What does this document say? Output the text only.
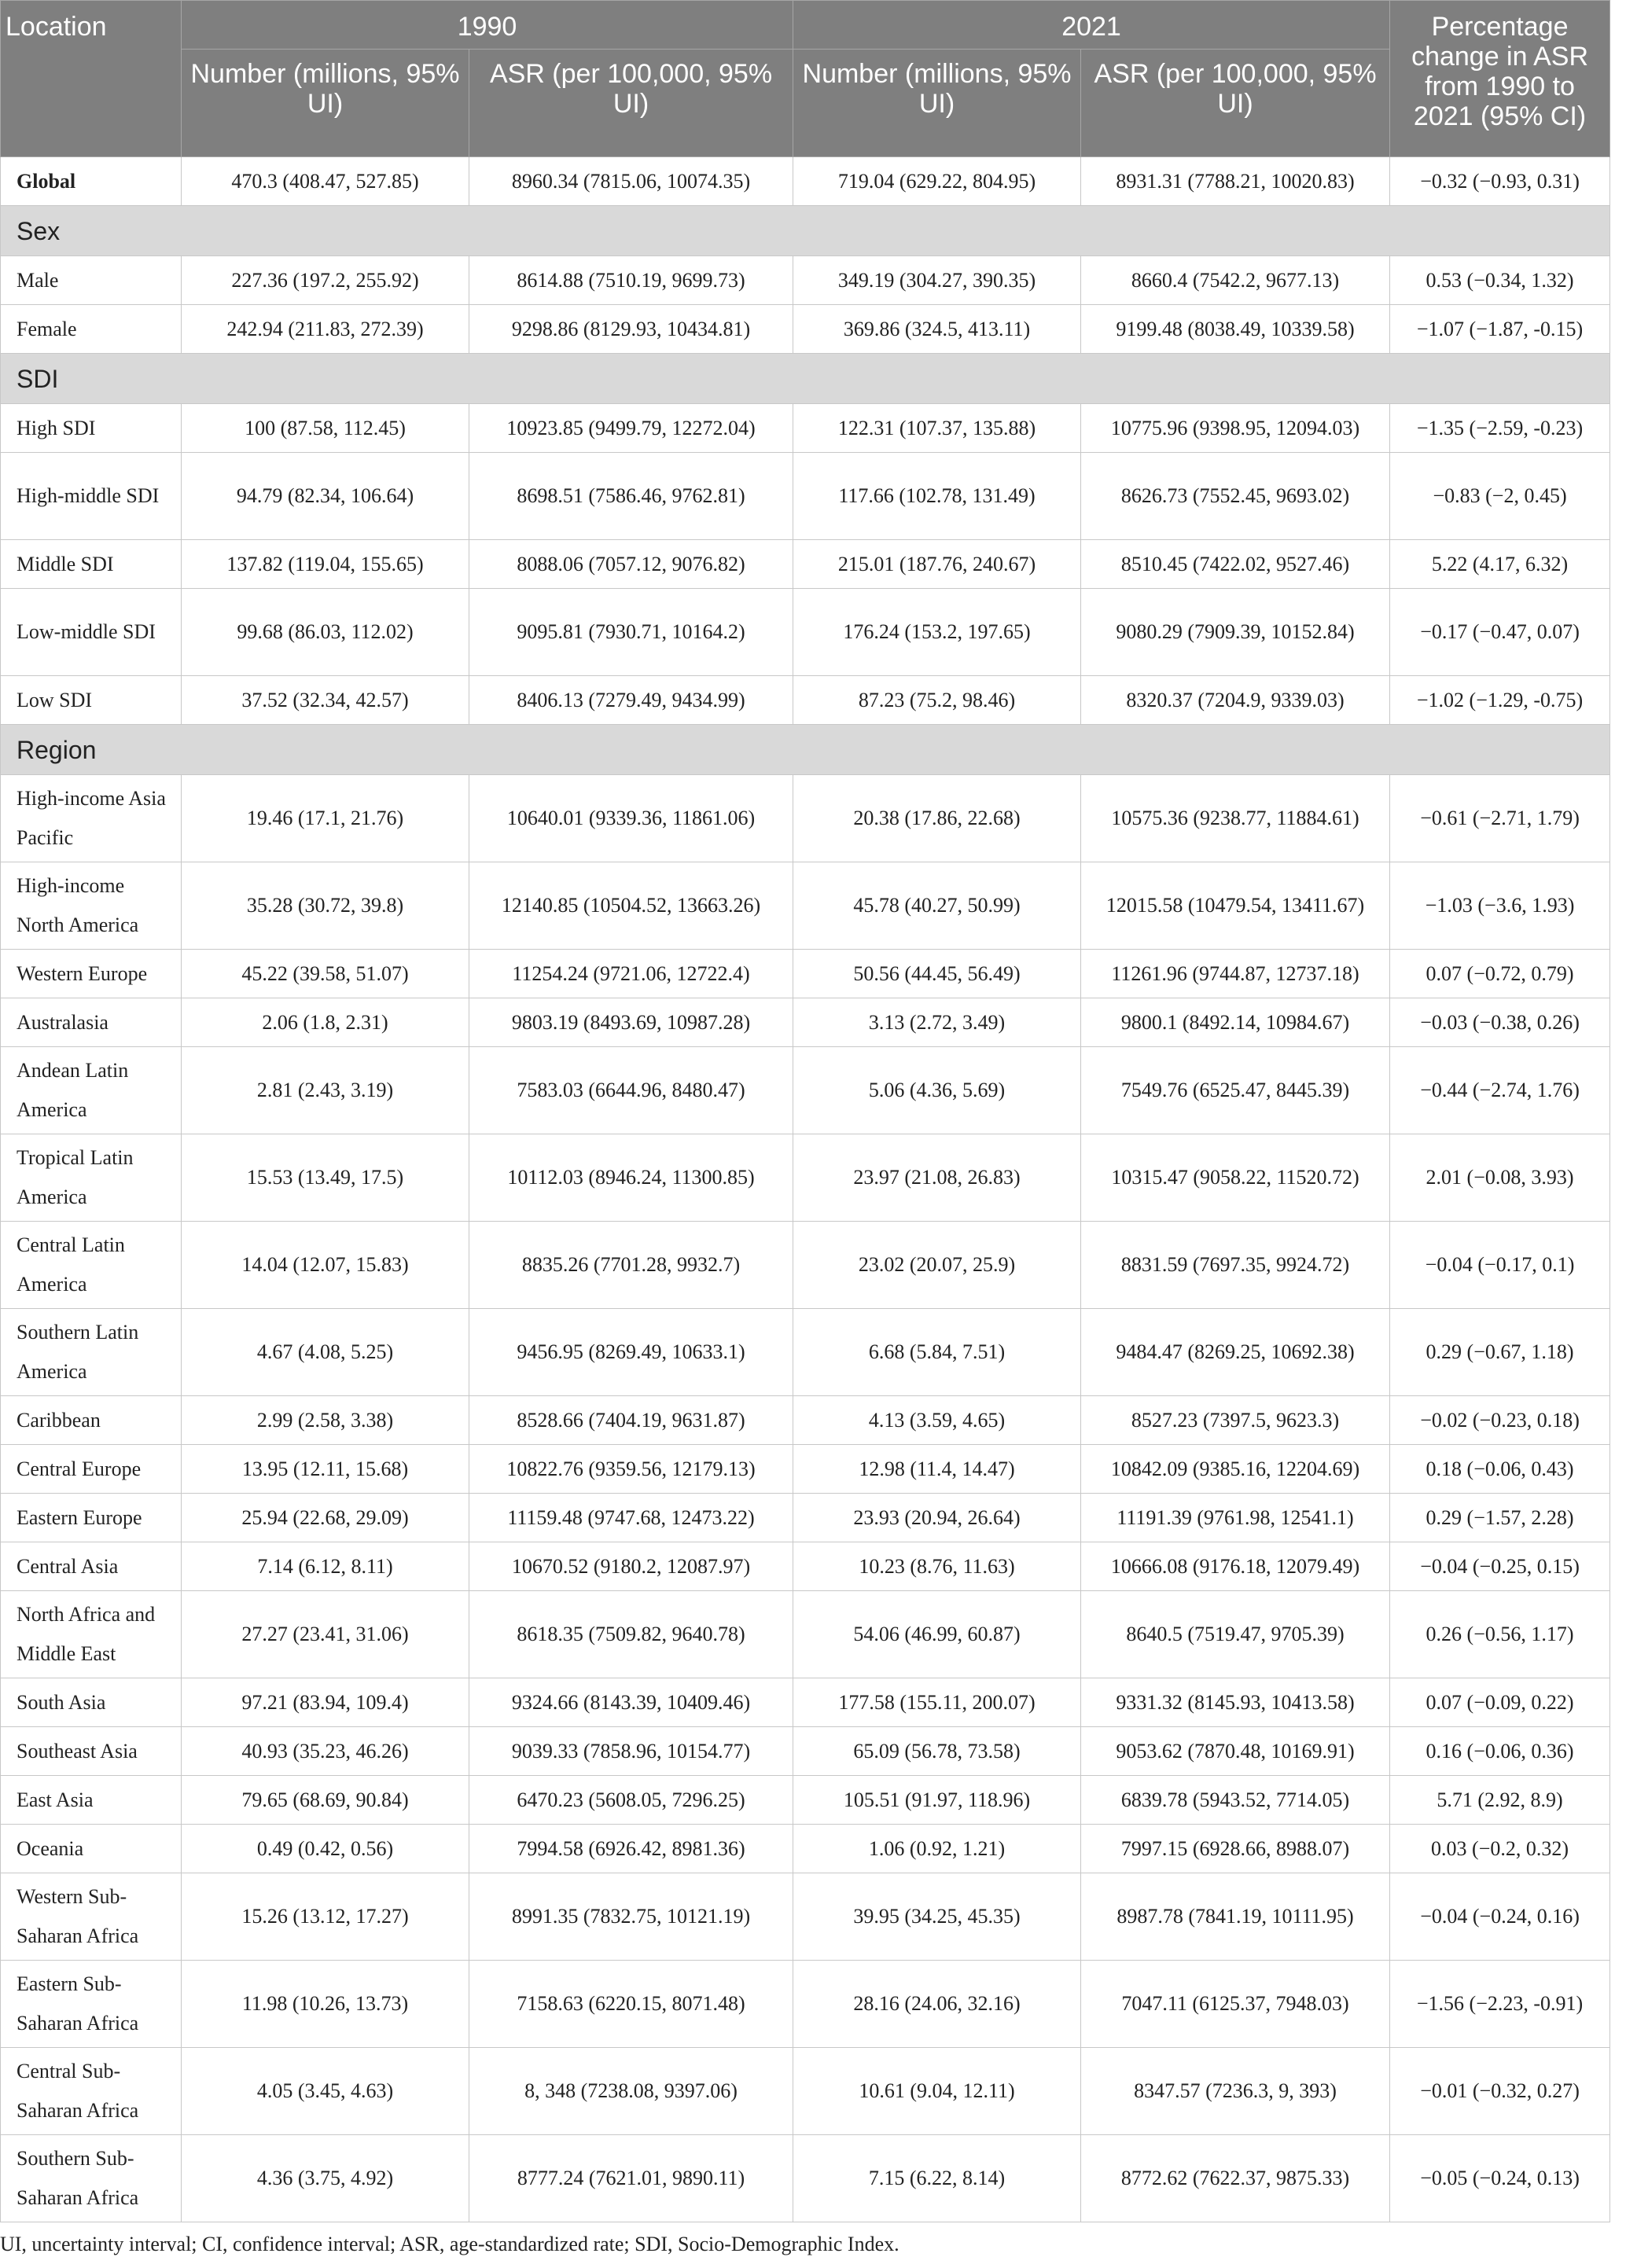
Location	1990		2021		Percentage change in ASR from 1990 to 2021 (95% CI)
	Number (millions, 95% UI)	ASR (per 100,000, 95% UI)	Number (millions, 95% UI)	ASR (per 100,000, 95% UI)	
Global	470.3 (408.47, 527.85)	8960.34 (7815.06, 10074.35)	719.04 (629.22, 804.95)	8931.31 (7788.21, 10020.83)	−0.32 (−0.93, 0.31)
Sex					
Male	227.36 (197.2, 255.92)	8614.88 (7510.19, 9699.73)	349.19 (304.27, 390.35)	8660.4 (7542.2, 9677.13)	0.53 (−0.34, 1.32)
Female	242.94 (211.83, 272.39)	9298.86 (8129.93, 10434.81)	369.86 (324.5, 413.11)	9199.48 (8038.49, 10339.58)	−1.07 (−1.87, -0.15)
SDI					
High SDI	100 (87.58, 112.45)	10923.85 (9499.79, 12272.04)	122.31 (107.37, 135.88)	10775.96 (9398.95, 12094.03)	−1.35 (−2.59, -0.23)
High-middle SDI	94.79 (82.34, 106.64)	8698.51 (7586.46, 9762.81)	117.66 (102.78, 131.49)	8626.73 (7552.45, 9693.02)	−0.83 (−2, 0.45)
Middle SDI	137.82 (119.04, 155.65)	8088.06 (7057.12, 9076.82)	215.01 (187.76, 240.67)	8510.45 (7422.02, 9527.46)	5.22 (4.17, 6.32)
Low-middle SDI	99.68 (86.03, 112.02)	9095.81 (7930.71, 10164.2)	176.24 (153.2, 197.65)	9080.29 (7909.39, 10152.84)	−0.17 (−0.47, 0.07)
Low SDI	37.52 (32.34, 42.57)	8406.13 (7279.49, 9434.99)	87.23 (75.2, 98.46)	8320.37 (7204.9, 9339.03)	−1.02 (−1.29, -0.75)
Region					
High-income Asia Pacific	19.46 (17.1, 21.76)	10640.01 (9339.36, 11861.06)	20.38 (17.86, 22.68)	10575.36 (9238.77, 11884.61)	−0.61 (−2.71, 1.79)
High-income North America	35.28 (30.72, 39.8)	12140.85 (10504.52, 13663.26)	45.78 (40.27, 50.99)	12015.58 (10479.54, 13411.67)	−1.03 (−3.6, 1.93)
Western Europe	45.22 (39.58, 51.07)	11254.24 (9721.06, 12722.4)	50.56 (44.45, 56.49)	11261.96 (9744.87, 12737.18)	0.07 (−0.72, 0.79)
Australasia	2.06 (1.8, 2.31)	9803.19 (8493.69, 10987.28)	3.13 (2.72, 3.49)	9800.1 (8492.14, 10984.67)	−0.03 (−0.38, 0.26)
Andean Latin America	2.81 (2.43, 3.19)	7583.03 (6644.96, 8480.47)	5.06 (4.36, 5.69)	7549.76 (6525.47, 8445.39)	−0.44 (−2.74, 1.76)
Tropical Latin America	15.53 (13.49, 17.5)	10112.03 (8946.24, 11300.85)	23.97 (21.08, 26.83)	10315.47 (9058.22, 11520.72)	2.01 (−0.08, 3.93)
Central Latin America	14.04 (12.07, 15.83)	8835.26 (7701.28, 9932.7)	23.02 (20.07, 25.9)	8831.59 (7697.35, 9924.72)	−0.04 (−0.17, 0.1)
Southern Latin America	4.67 (4.08, 5.25)	9456.95 (8269.49, 10633.1)	6.68 (5.84, 7.51)	9484.47 (8269.25, 10692.38)	0.29 (−0.67, 1.18)
Caribbean	2.99 (2.58, 3.38)	8528.66 (7404.19, 9631.87)	4.13 (3.59, 4.65)	8527.23 (7397.5, 9623.3)	−0.02 (−0.23, 0.18)
Central Europe	13.95 (12.11, 15.68)	10822.76 (9359.56, 12179.13)	12.98 (11.4, 14.47)	10842.09 (9385.16, 12204.69)	0.18 (−0.06, 0.43)
Eastern Europe	25.94 (22.68, 29.09)	11159.48 (9747.68, 12473.22)	23.93 (20.94, 26.64)	11191.39 (9761.98, 12541.1)	0.29 (−1.57, 2.28)
Central Asia	7.14 (6.12, 8.11)	10670.52 (9180.2, 12087.97)	10.23 (8.76, 11.63)	10666.08 (9176.18, 12079.49)	−0.04 (−0.25, 0.15)
North Africa and Middle East	27.27 (23.41, 31.06)	8618.35 (7509.82, 9640.78)	54.06 (46.99, 60.87)	8640.5 (7519.47, 9705.39)	0.26 (−0.56, 1.17)
South Asia	97.21 (83.94, 109.4)	9324.66 (8143.39, 10409.46)	177.58 (155.11, 200.07)	9331.32 (8145.93, 10413.58)	0.07 (−0.09, 0.22)
Southeast Asia	40.93 (35.23, 46.26)	9039.33 (7858.96, 10154.77)	65.09 (56.78, 73.58)	9053.62 (7870.48, 10169.91)	0.16 (−0.06, 0.36)
East Asia	79.65 (68.69, 90.84)	6470.23 (5608.05, 7296.25)	105.51 (91.97, 118.96)	6839.78 (5943.52, 7714.05)	5.71 (2.92, 8.9)
Oceania	0.49 (0.42, 0.56)	7994.58 (6926.42, 8981.36)	1.06 (0.92, 1.21)	7997.15 (6928.66, 8988.07)	0.03 (−0.2, 0.32)
Western Sub-Saharan Africa	15.26 (13.12, 17.27)	8991.35 (7832.75, 10121.19)	39.95 (34.25, 45.35)	8987.78 (7841.19, 10111.95)	−0.04 (−0.24, 0.16)
Eastern Sub-Saharan Africa	11.98 (10.26, 13.73)	7158.63 (6220.15, 8071.48)	28.16 (24.06, 32.16)	7047.11 (6125.37, 7948.03)	−1.56 (−2.23, -0.91)
Central Sub-Saharan Africa	4.05 (3.45, 4.63)	8, 348 (7238.08, 9397.06)	10.61 (9.04, 12.11)	8347.57 (7236.3, 9, 393)	−0.01 (−0.32, 0.27)
Southern Sub-Saharan Africa	4.36 (3.75, 4.92)	8777.24 (7621.01, 9890.11)	7.15 (6.22, 8.14)	8772.62 (7622.37, 9875.33)	−0.05 (−0.24, 0.13)
UI, uncertainty interval; CI, confidence interval; ASR, age-standardized rate; SDI, Socio-Demographic Index.
